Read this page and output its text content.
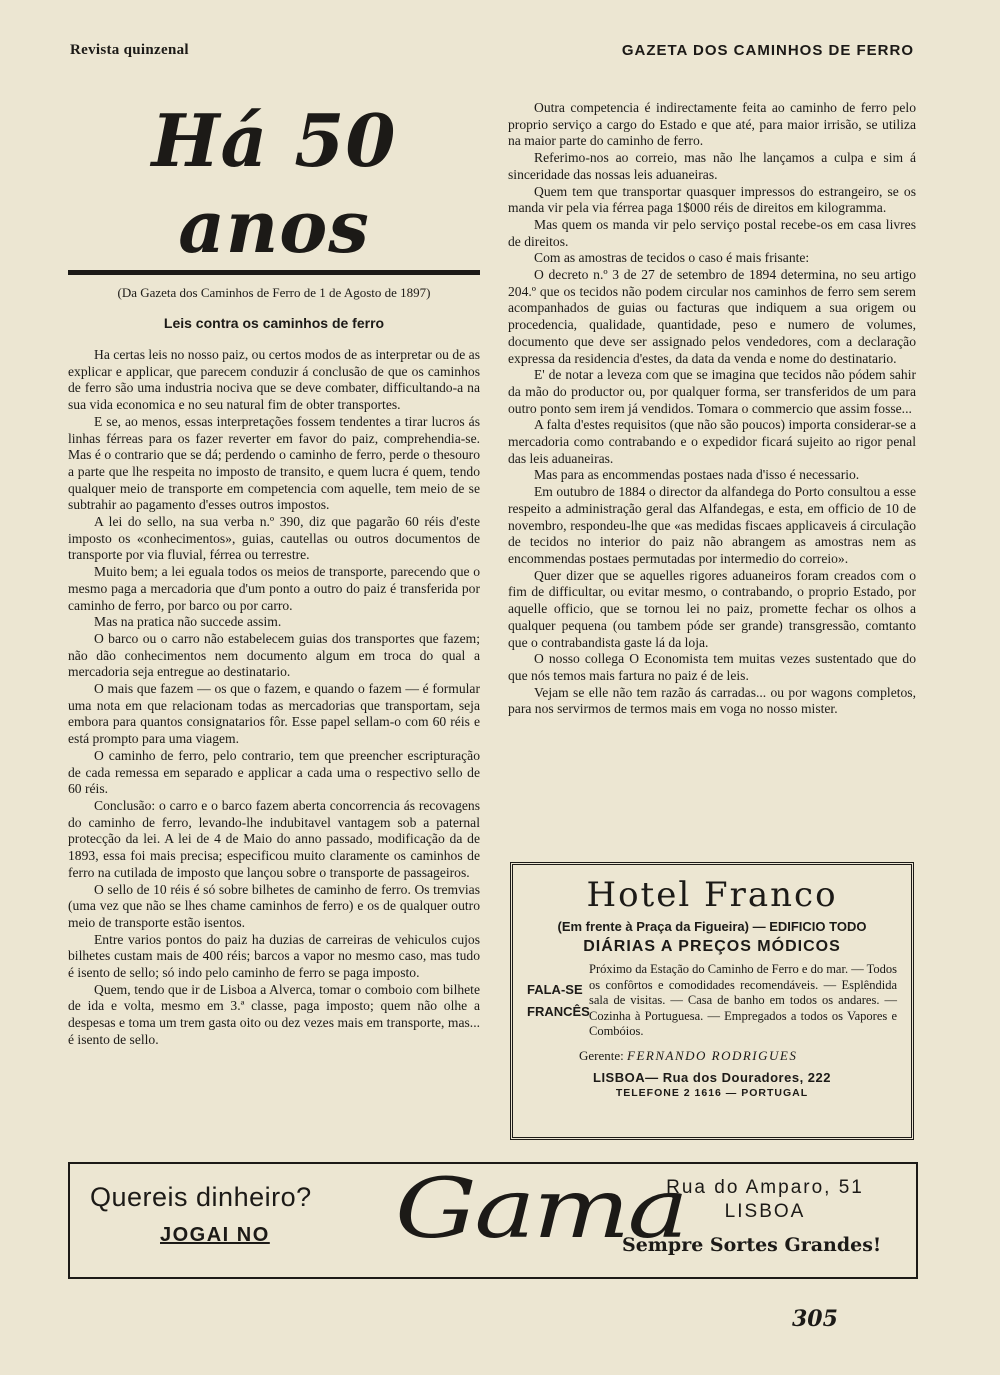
Revista quinzenal	GAZETA DOS CAMINHOS DE FERRO
Há 50 anos
(Da Gazeta dos Caminhos de Ferro de 1 de Agosto de 1897)
Leis contra os caminhos de ferro

Ha certas leis no nosso paiz, ou certos modos de as interpretar ou de as explicar e applicar, que parecem conduzir á conclusão de que os caminhos de ferro são uma industria nociva que se deve combater, difficultando-a na sua vida economica e no seu natural fim de obter transportes.

E se, ao menos, essas interpretações fossem tendentes a tirar lucros ás linhas férreas para os fazer reverter em favor do paiz, comprehendia-se. Mas é o contrario que se dá; perdendo o caminho de ferro, perde o thesouro a parte que lhe respeita no imposto de transito, e quem lucra é quem, tendo qualquer meio de transporte em competencia com aquelle, tem meio de se subtrahir ao pagamento d'esses outros impostos.

A lei do sello, na sua verba n.º 390, diz que pagarão 60 réis d'este imposto os «conhecimentos», guias, cautellas ou outros documentos de transporte por via fluvial, férrea ou terrestre.

Muito bem; a lei eguala todos os meios de transporte, parecendo que o mesmo paga a mercadoria que d'um ponto a outro do paiz é transferida por caminho de ferro, por barco ou por carro.

Mas na pratica não succede assim.

O barco ou o carro não estabelecem guias dos transportes que fazem; não dão conhecimentos nem documento algum em troca do qual a mercadoria seja entregue ao destinatario.

O mais que fazem — os que o fazem, e quando o fazem — é formular uma nota em que relacionam todas as mercadorias que transportam, seja embora para quantos consignatarios fôr. Esse papel sellam-o com 60 réis e está prompto para uma viagem.

O caminho de ferro, pelo contrario, tem que preencher escripturação de cada remessa em separado e applicar a cada uma o respectivo sello de 60 réis.

Conclusão: o carro e o barco fazem aberta concorrencia ás recovagens do caminho de ferro, levando-lhe indubitavel vantagem sob a paternal protecção da lei. A lei de 4 de Maio do anno passado, modificação da de 1893, essa foi mais precisa; especificou muito claramente os caminhos de ferro na cutilada de imposto que lançou sobre o transporte de passageiros.

O sello de 10 réis é só sobre bilhetes de caminho de ferro. Os tremvias (uma vez que não se lhes chame caminhos de ferro) e os de qualquer outro meio de transporte estão isentos.

Entre varios pontos do paiz ha duzias de carreiras de vehiculos cujos bilhetes custam mais de 400 réis; barcos a vapor no mesmo caso, mas tudo é isento de sello; só indo pelo caminho de ferro se paga imposto.

Quem, tendo que ir de Lisboa a Alverca, tomar o comboio com bilhete de ida e volta, mesmo em 3.ª classe, paga imposto; quem não olhe a despesas e toma um trem gasta oito ou dez vezes mais em transporte, mas... é isento de sello.

Outra competencia é indirectamente feita ao caminho de ferro pelo proprio serviço a cargo do Estado e que até, para maior irrisão, se utiliza na maior parte do caminho de ferro.

Referimo-nos ao correio, mas não lhe lançamos a culpa e sim á sinceridade das nossas leis aduaneiras.

Quem tem que transportar quasquer impressos do estrangeiro, se os manda vir pela via férrea paga 1$000 réis de direitos em kilogramma.

Mas quem os manda vir pelo serviço postal recebe-os em casa livres de direitos.

Com as amostras de tecidos o caso é mais frisante:

O decreto n.º 3 de 27 de setembro de 1894 determina, no seu artigo 204.º que os tecidos não podem circular nos caminhos de ferro sem serem acompanhados de guias ou facturas que indiquem a sua origem ou procedencia, qualidade, quantidade, peso e numero de volumes, documento que deve ser assignado pelos vendedores, com a declaração expressa da residencia d'estes, da data da venda e nome do destinatario.

E' de notar a leveza com que se imagina que tecidos não pódem sahir da mão do productor ou, por qualquer forma, ser transferidos de um para outro ponto sem irem já vendidos. Tomara o commercio que assim fosse...

A falta d'estes requisitos (que não são poucos) importa considerar-se a mercadoria como contrabando e o expedidor ficará sujeito ao rigor penal das leis aduaneiras.

Mas para as encommendas postaes nada d'isso é necessario.

Em outubro de 1884 o director da alfandega do Porto consultou a esse respeito a administração geral das Alfandegas, e esta, em officio de 10 de novembro, respondeu-lhe que «as medidas fiscaes applicaveis á circulação de tecidos no interior do paiz não abrangem as amostras nem as encommendas postaes permutadas por intermedio do correio».

Quer dizer que se aquelles rigores aduaneiros foram creados com o fim de difficultar, ou evitar mesmo, o contrabando, o proprio Estado, por aquelle officio, que se tornou lei no paiz, promette fechar os olhos a qualquer pequena (ou tambem póde ser grande) transgressão, comtanto que o contrabandista gaste lá da loja.

O nosso collega O Economista tem muitas vezes sustentado que do que nós temos mais fartura no paiz é de leis.

Vejam se elle não tem razão ás carradas... ou por wagons completos, para nos servirmos de termos mais em voga no nosso mister.

Hotel Franco
(Em frente à Praça da Figueira) — EDIFICIO TODO
DIÁRIAS A PREÇOS MÓDICOS
FALA-SE
FRANCÊS
Próximo da Estação do Caminho de Ferro e do mar. — Todos os confôrtos e comodidades recomendáveis. — Esplêndida sala de visitas. — Casa de banho em todos os andares. — Cozinha à Portuguesa. — Empregados a todos os Vapores e Combóios.
Gerente: FERNANDO RODRIGUES
LISBOA— Rua dos Douradores, 222
TELEFONE 2 1616 — PORTUGAL
Quereis dinheiro?
JOGAI NO Gama
Rua do Amparo, 51
LISBOA
Sempre Sortes Grandes!
305
